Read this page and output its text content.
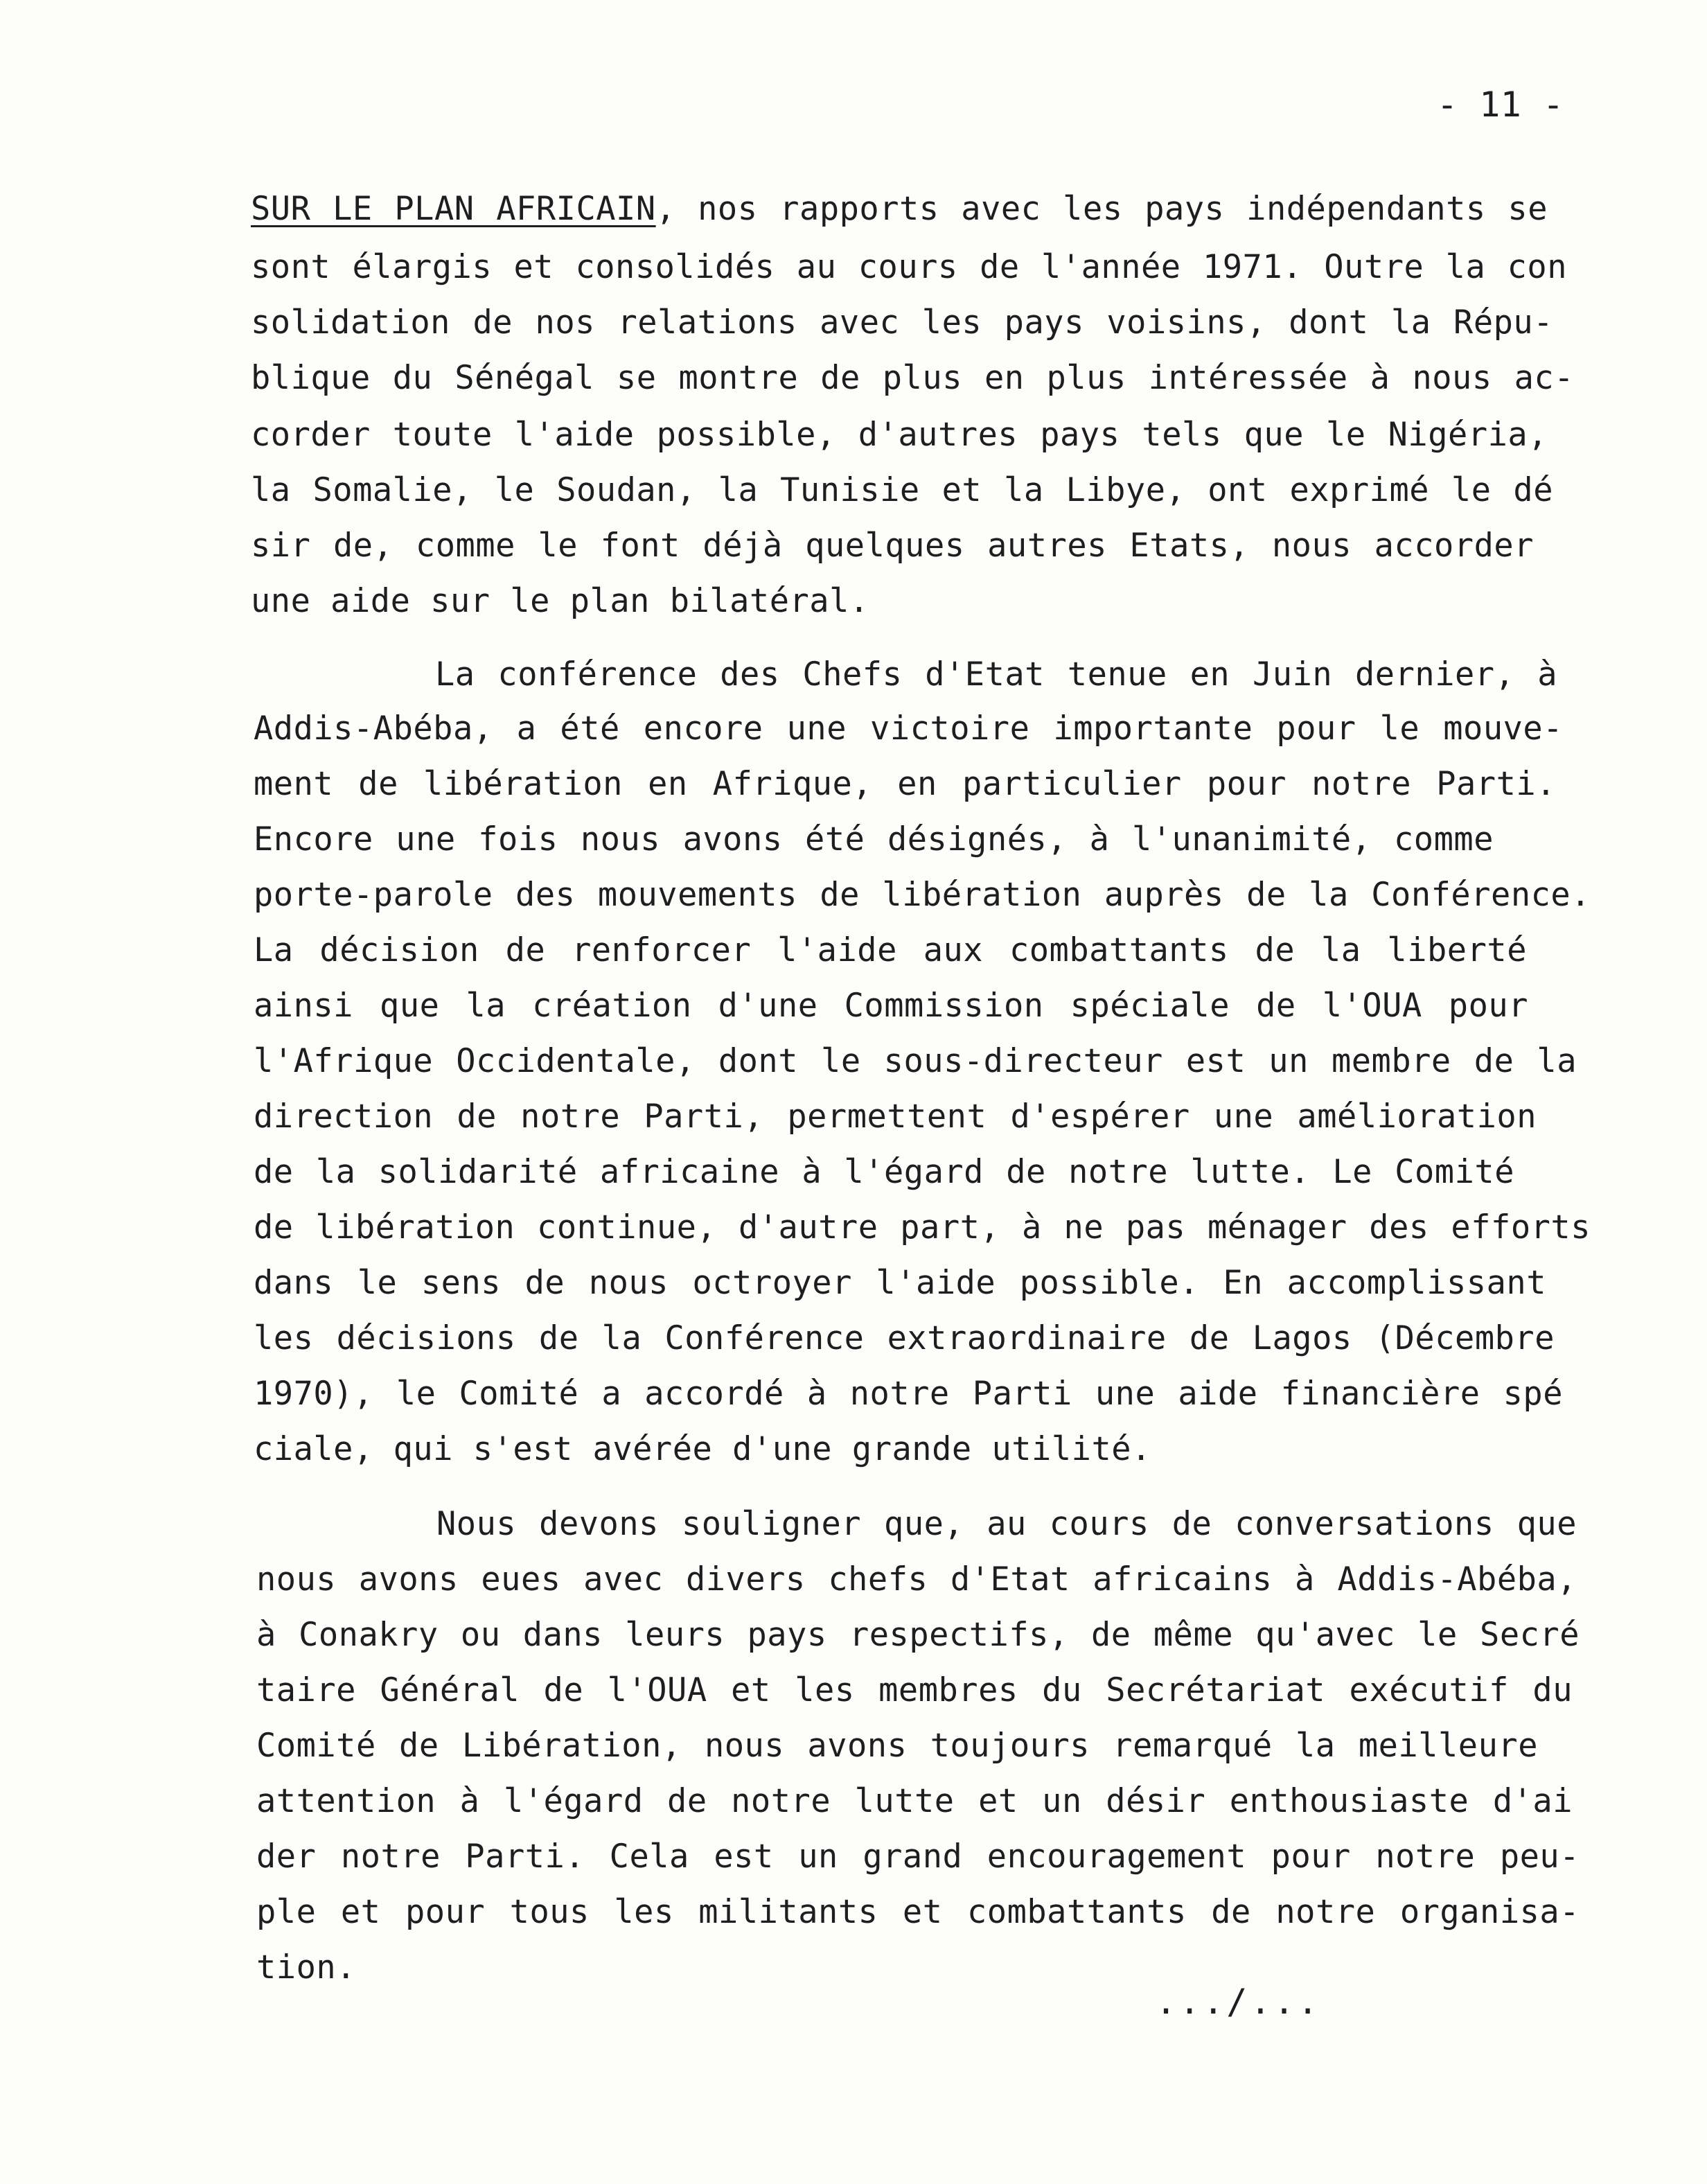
- 11 -
SUR LE PLAN AFRICAIN, nos rapports avec les pays indépendants se
sont élargis et consolidés au cours de l'année 1971. Outre la con
solidation de nos relations avec les pays voisins, dont la Répu-
blique du Sénégal se montre de plus en plus intéressée à nous ac-
corder toute l'aide possible, d'autres pays tels que le Nigéria,
la Somalie, le Soudan, la Tunisie et la Libye, ont exprimé le dé
sir de, comme le font déjà quelques autres Etats, nous accorder
une aide sur le plan bilatéral.
La conférence des Chefs d'Etat tenue en Juin dernier, à
Addis-Abéba, a été encore une victoire importante pour le mouve-
ment de libération en Afrique, en particulier pour notre Parti.
Encore une fois nous avons été désignés, à l'unanimité, comme
porte-parole des mouvements de libération auprès de la Conférence.
La décision de renforcer l'aide aux combattants de la liberté
ainsi que la création d'une Commission spéciale de l'OUA pour
l'Afrique Occidentale, dont le sous-directeur est un membre de la
direction de notre Parti, permettent d'espérer une amélioration
de la solidarité africaine à l'égard de notre lutte. Le Comité
de libération continue, d'autre part, à ne pas ménager des efforts
dans le sens de nous octroyer l'aide possible. En accomplissant
les décisions de la Conférence extraordinaire de Lagos (Décembre
1970), le Comité a accordé à notre Parti une aide financière spé
ciale, qui s'est avérée d'une grande utilité.
Nous devons souligner que, au cours de conversations que
nous avons eues avec divers chefs d'Etat africains à Addis-Abéba,
à Conakry ou dans leurs pays respectifs, de même qu'avec le Secré
taire Général de l'OUA et les membres du Secrétariat exécutif du
Comité de Libération, nous avons toujours remarqué la meilleure
attention à l'égard de notre lutte et un désir enthousiaste d'ai
der notre Parti. Cela est un grand encouragement pour notre peu-
ple et pour tous les militants et combattants de notre organisa-
tion.
.../...
